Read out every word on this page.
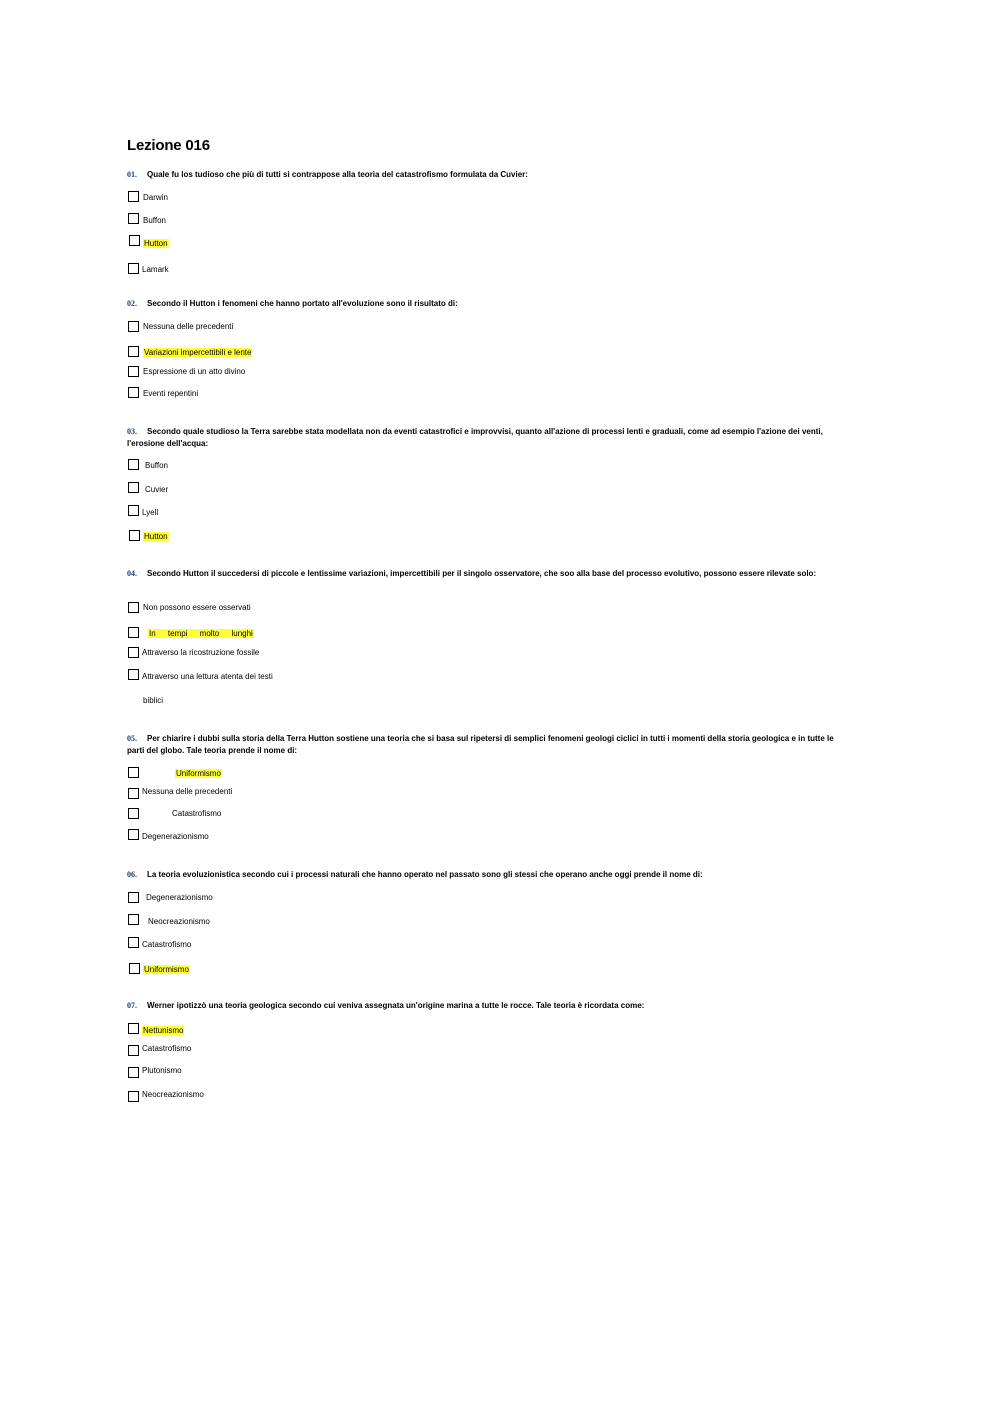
Lezione 016
01. Quale fu los tudioso che più di tutti si contrappose alla teoria del catastrofismo formulata da Cuvier:
Darwin
Buffon
Hutton
Lamark
02. Secondo il Hutton i fenomeni che hanno portato all'evoluzione sono il risultato di:
Nessuna delle precedenti
Variazioni impercettibili e lente
Espressione di un atto divino
Eventi repentini
03. Secondo quale studioso la Terra sarebbe stata modellata non da eventi catastrofici e improvvisi, quanto all'azione di processi lenti e graduali, come ad esempio l'azione dei venti, l'erosione dell'acqua:
Buffon
Cuvier
Lyell
Hutton
04. Secondo Hutton il succedersi di piccole e lentissime variazioni, impercettibili per il singolo osservatore, che soo alla base del processo evolutivo, possono essere rilevate solo:
Non possono essere osservati
In tempi molto lunghi
Attraverso la ricostruzione fossile
Attraverso una lettura atenta dei testi
biblici
05. Per chiarire i dubbi sulla storia della Terra Hutton sostiene una teoria che si basa sul ripetersi di semplici fenomeni geologi ciclici in tutti i momenti della storia geologica e in tutte le parti del globo. Tale teoria prende il nome di:
Uniformismo
Nessuna delle precedenti
Catastrofismo
Degenerazionismo
06. La teoria evoluzionistica secondo cui i processi naturali che hanno operato nel passato sono gli stessi che operano anche oggi prende il nome di:
Degenerazionismo
Neocreazionismo
Catastrofismo
Uniformismo
07. Werner ipotizzò una teoria geologica secondo cui veniva assegnata un'origine marina a tutte le rocce. Tale teoria è ricordata come:
Nettunismo
Catastrofismo
Plutonismo
Neocreazionismo
